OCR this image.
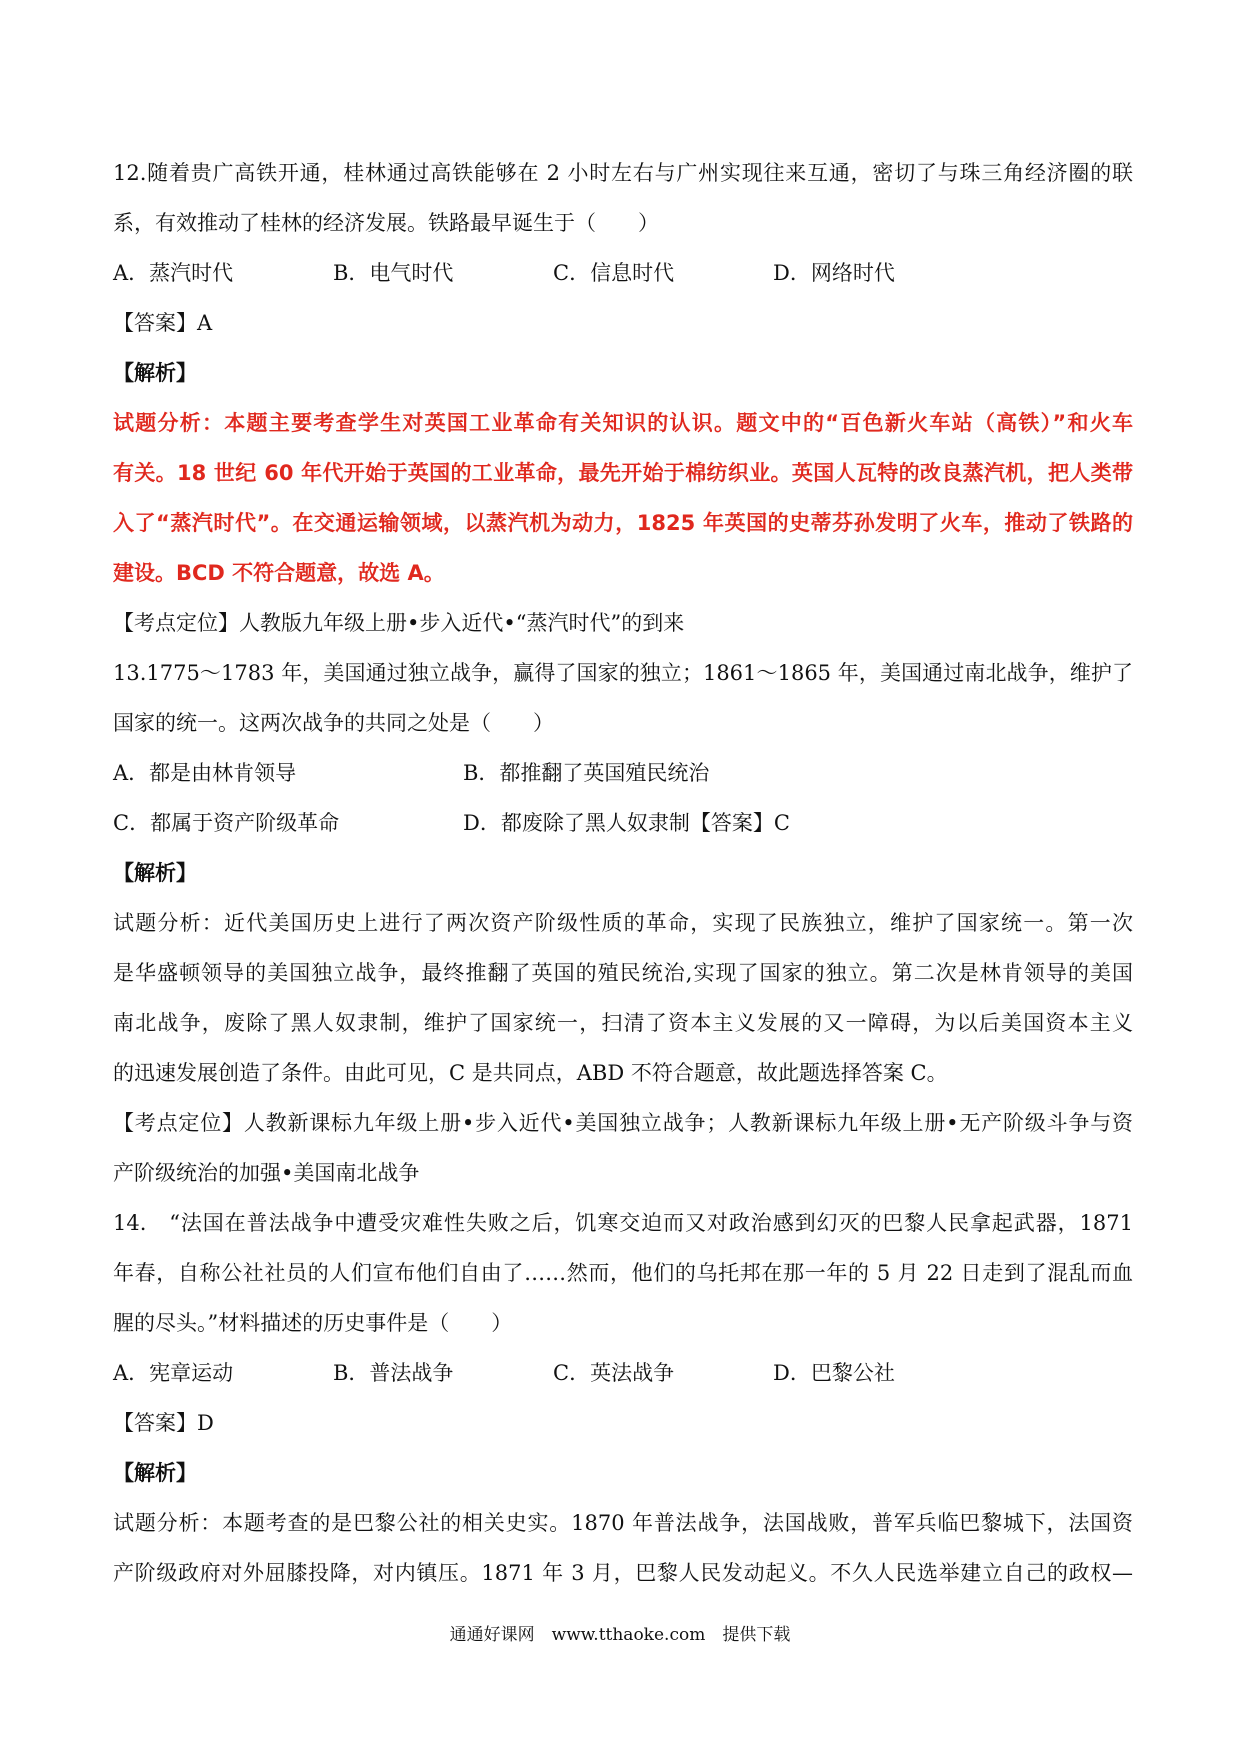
12.随着贵广高铁开通，桂林通过高铁能够在 2 小时左右与广州实现往来互通，密切了与珠三角经济圈的联
系，有效推动了桂林的经济发展。铁路最早诞生于（　　）
A．蒸汽时代	B．电气时代	C．信息时代	D．网络时代
【答案】A
【解析】
试题分析：本题主要考查学生对英国工业革命有关知识的认识。题文中的“百色新火车站（高铁）”和火车
有关。18 世纪 60 年代开始于英国的工业革命，最先开始于棉纺织业。英国人瓦特的改良蒸汽机，把人类带
入了“蒸汽时代”。在交通运输领域，以蒸汽机为动力，1825 年英国的史蒂芬孙发明了火车，推动了铁路的
建设。BCD 不符合题意，故选 A。
【考点定位】人教版九年级上册•步入近代•“蒸汽时代”的到来
13.1775～1783 年，美国通过独立战争，赢得了国家的独立；1861～1865 年，美国通过南北战争，维护了
国家的统一。这两次战争的共同之处是（　　）
A．都是由林肯领导	B．都推翻了英国殖民统治
C．都属于资产阶级革命	D．都废除了黑人奴隶制【答案】C
【解析】
试题分析：近代美国历史上进行了两次资产阶级性质的革命，实现了民族独立，维护了国家统一。第一次
是华盛顿领导的美国独立战争，最终推翻了英国的殖民统治,实现了国家的独立。第二次是林肯领导的美国
南北战争，废除了黑人奴隶制，维护了国家统一，扫清了资本主义发展的又一障碍，为以后美国资本主义
的迅速发展创造了条件。由此可见，C 是共同点，ABD 不符合题意，故此题选择答案 C。
【考点定位】人教新课标九年级上册•步入近代•美国独立战争；人教新课标九年级上册•无产阶级斗争与资
产阶级统治的加强•美国南北战争
14.　“法国在普法战争中遭受灾难性失败之后，饥寒交迫而又对政治感到幻灭的巴黎人民拿起武器，1871
年春，自称公社社员的人们宣布他们自由了……然而，他们的乌托邦在那一年的 5 月 22 日走到了混乱而血
腥的尽头。”材料描述的历史事件是（　　）
A．宪章运动	B．普法战争	C．英法战争	D．巴黎公社
【答案】D
【解析】
试题分析：本题考查的是巴黎公社的相关史实。1870 年普法战争，法国战败，普军兵临巴黎城下，法国资
产阶级政府对外屈膝投降，对内镇压。1871 年 3 月，巴黎人民发动起义。不久人民选举建立自己的政权—
通通好课网　www.tthaoke.com　提供下载
